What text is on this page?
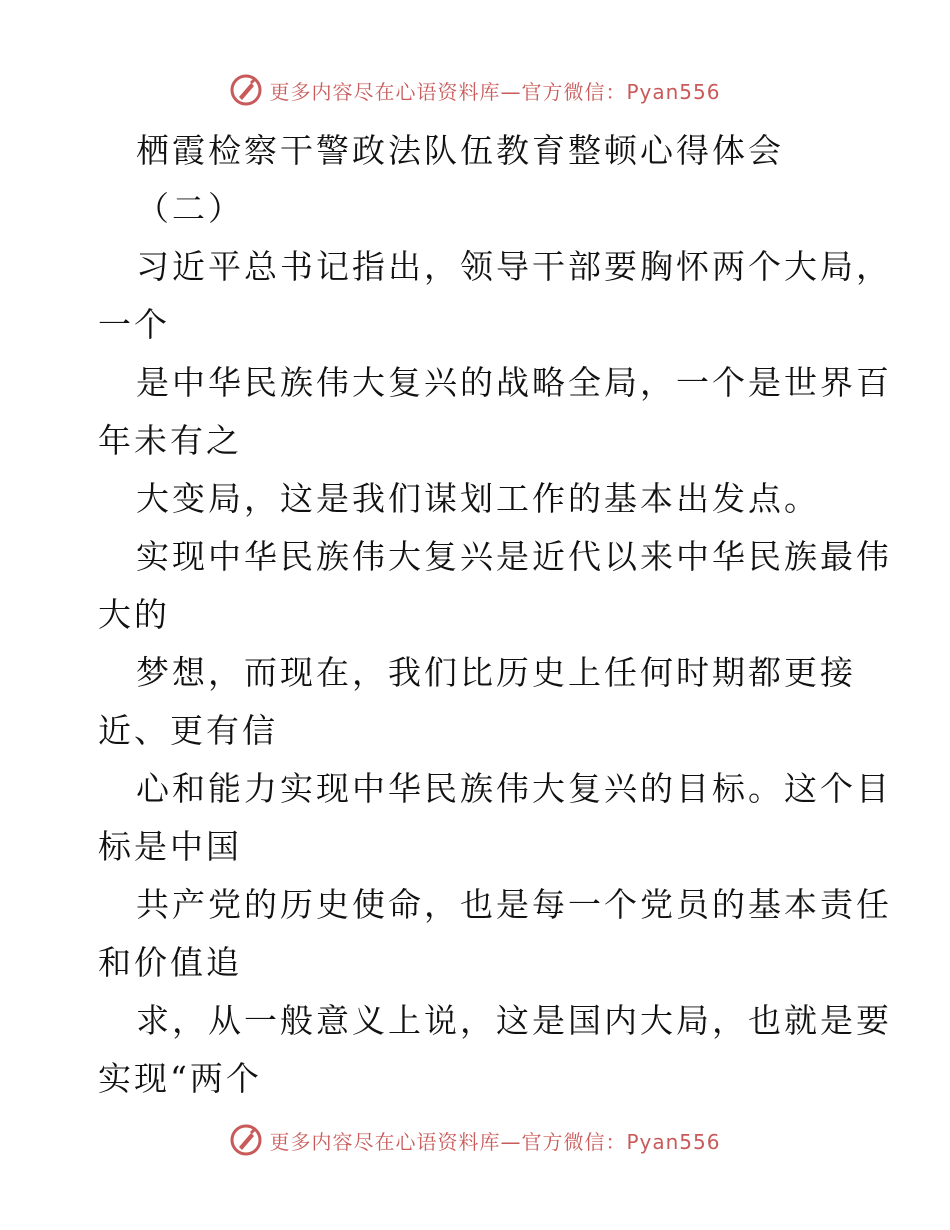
更多内容尽在心语资料库—官方微信：Pyan556
栖霞检察干警政法队伍教育整顿心得体会
（二）
习近平总书记指出，领导干部要胸怀两个大局，
一个
是中华民族伟大复兴的战略全局，一个是世界百
年未有之
大变局，这是我们谋划工作的基本出发点。
实现中华民族伟大复兴是近代以来中华民族最伟
大的
梦想，而现在，我们比历史上任何时期都更接
近、更有信
心和能力实现中华民族伟大复兴的目标。这个目
标是中国
共产党的历史使命，也是每一个党员的基本责任
和价值追
求，从一般意义上说，这是国内大局，也就是要
实现“两个
更多内容尽在心语资料库—官方微信：Pyan556
